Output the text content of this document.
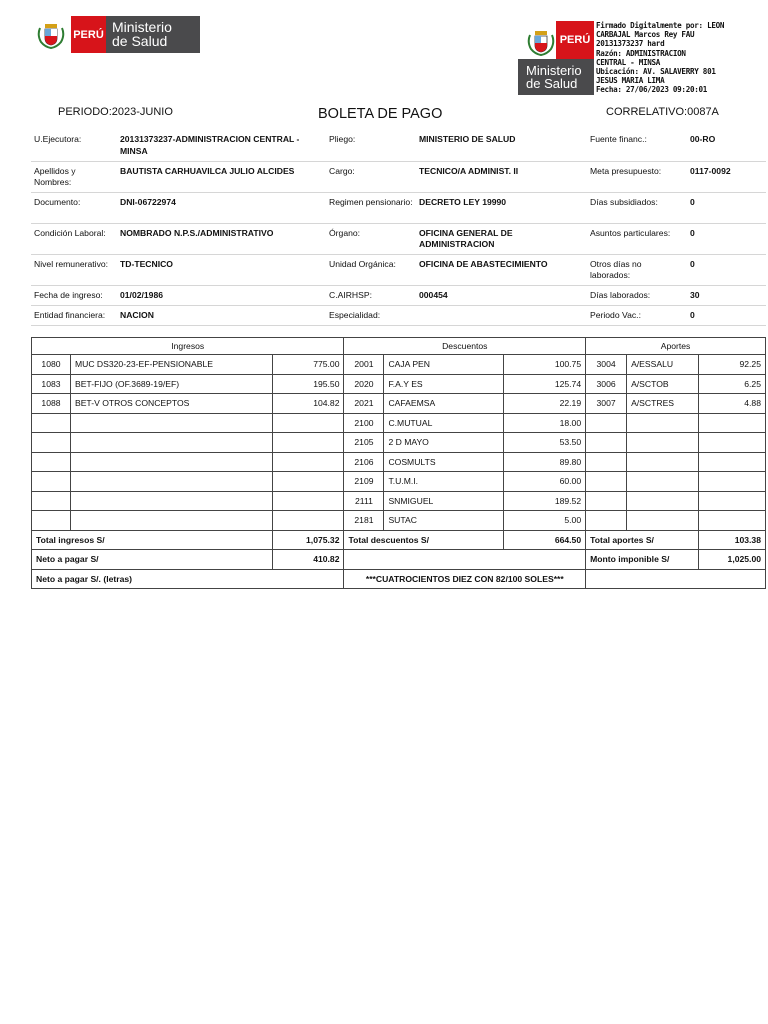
PERÚ Ministerio
de Salud	PERÚ
Ministerio
de Salud
Firmado Digitalmente por: LEON
CARBAJAL Marcos Rey FAU
20131373237 hard
Razón: ADMINISTRACION
CENTRAL - MINSA
Ubicación: AV. SALAVERRY 801
JESUS MARIA LIMA
Fecha: 27/06/2023 09:20:01
PERIODO:2023-JUNIO	BOLETA DE PAGO	CORRELATIVO:0087A
U.Ejecutora:	20131373237-ADMINISTRACION CENTRAL - MINSA	Pliego:	MINISTERIO DE SALUD	Fuente financ.:	00-RO
Apellidos y Nombres:	BAUTISTA CARHUAVILCA JULIO ALCIDES	Cargo:	TECNICO/A ADMINIST. II	Meta presupuesto:	0117-0092
Documento:	DNI-06722974	Regimen pensionario:	DECRETO LEY 19990	Días subsidiados:	0
Condición Laboral:	NOMBRADO N.P.S./ADMINISTRATIVO	Órgano:	OFICINA GENERAL DE ADMINISTRACION	Asuntos particulares:	0
Nivel remunerativo:	TD-TECNICO	Unidad Orgánica:	OFICINA DE ABASTECIMIENTO	Otros días no laborados:	0
Fecha de ingreso:	01/02/1986	C.AIRHSP:	000454	Días laborados:	30
Entidad financiera:	NACION	Especialidad:		Periodo Vac.:	0
Ingresos			Descuentos			Aportes		
1080	MUC DS320-23-EF-PENSIONABLE	775.00	2001	CAJA PEN	100.75	3004	A/ESSALU	92.25
1083	BET-FIJO (OF.3689-19/EF)	195.50	2020	F.A.Y ES	125.74	3006	A/SCTOB	6.25
1088	BET-V OTROS CONCEPTOS	104.82	2021	CAFAEMSA	22.19	3007	A/SCTRES	4.88
			2100	C.MUTUAL	18.00			
			2105	2 D MAYO	53.50			
			2106	COSMULTS	89.80			
			2109	T.U.M.I.	60.00			
			2111	SNMIGUEL	189.52			
			2181	SUTAC	5.00			
Total ingresos S/		1,075.32	Total descuentos S/		664.50	Total aportes S/		103.38
Neto a pagar S/		410.82				Monto imponible S/		1,025.00
Neto a pagar S/. (letras)			***CUATROCIENTOS DIEZ CON 82/100 SOLES***					
